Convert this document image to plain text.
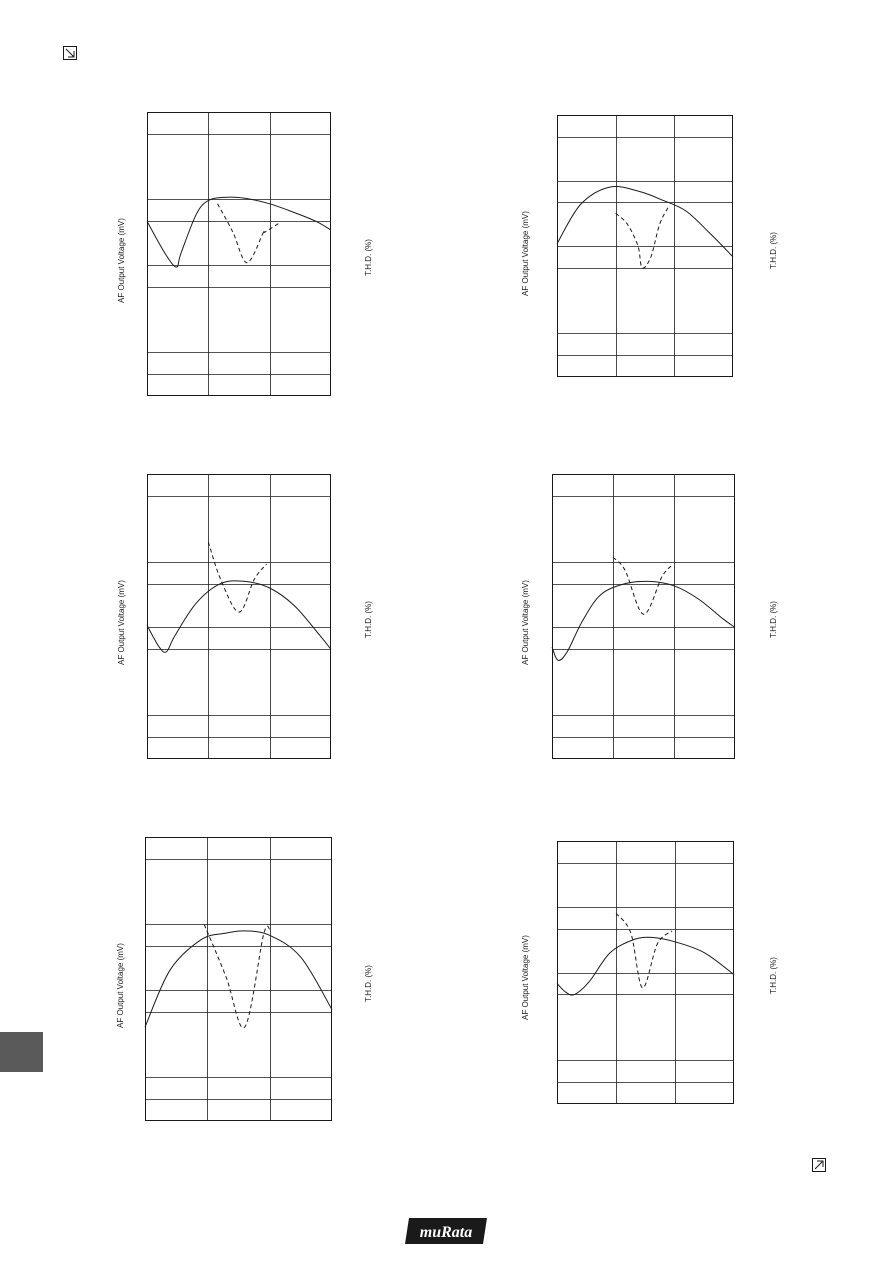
AF Output Voltage (mV)	T.H.D. (%)	AF Output Voltage (mV)	T.H.D. (%)
AF Output Voltage (mV)	T.H.D. (%)	AF Output Voltage (mV)	T.H.D. (%)
AF Output Voltage (mV)	T.H.D. (%)	AF Output Voltage (mV)	T.H.D. (%)
muRata
